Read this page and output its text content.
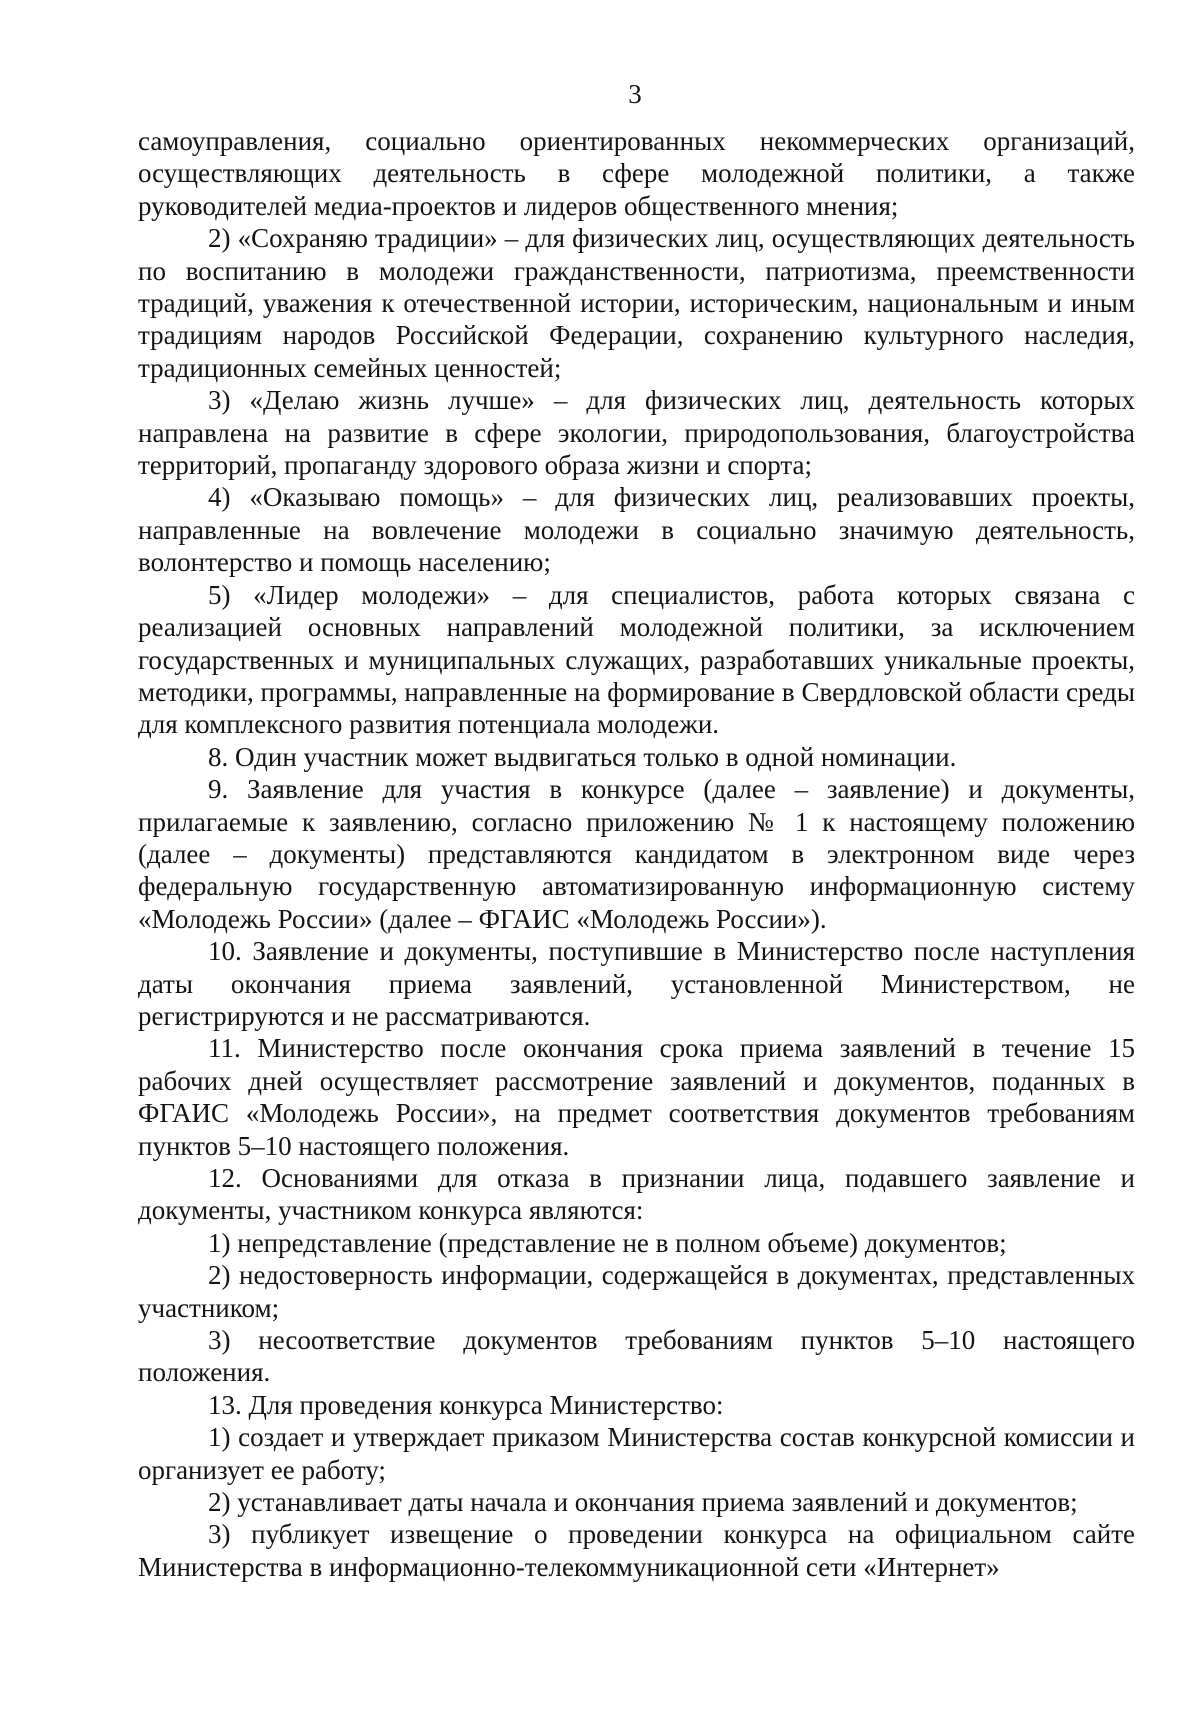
3

самоуправления, социально ориентированных некоммерческих организаций, осуществляющих деятельность в сфере молодежной политики, а также руководителей медиа-проектов и лидеров общественного мнения;

2) «Сохраняю традиции» – для физических лиц, осуществляющих деятельность по воспитанию в молодежи гражданственности, патриотизма, преемственности традиций, уважения к отечественной истории, историческим, национальным и иным традициям народов Российской Федерации, сохранению культурного наследия, традиционных семейных ценностей;

3) «Делаю жизнь лучше» – для физических лиц, деятельность которых направлена на развитие в сфере экологии, природопользования, благоустройства территорий, пропаганду здорового образа жизни и спорта;

4) «Оказываю помощь» – для физических лиц, реализовавших проекты, направленные на вовлечение молодежи в социально значимую деятельность, волонтерство и помощь населению;

5) «Лидер молодежи» – для специалистов, работа которых связана с реализацией основных направлений молодежной политики, за исключением государственных и муниципальных служащих, разработавших уникальные проекты, методики, программы, направленные на формирование в Свердловской области среды для комплексного развития потенциала молодежи.

8. Один участник может выдвигаться только в одной номинации.

9. Заявление для участия в конкурсе (далее – заявление) и документы, прилагаемые к заявлению, согласно приложению № 1 к настоящему положению (далее – документы) представляются кандидатом в электронном виде через федеральную государственную автоматизированную информационную систему «Молодежь России» (далее – ФГАИС «Молодежь России»).

10. Заявление и документы, поступившие в Министерство после наступления даты окончания приема заявлений, установленной Министерством, не регистрируются и не рассматриваются.

11. Министерство после окончания срока приема заявлений в течение 15 рабочих дней осуществляет рассмотрение заявлений и документов, поданных в ФГАИС «Молодежь России», на предмет соответствия документов требованиям пунктов 5–10 настоящего положения.

12. Основаниями для отказа в признании лица, подавшего заявление и документы, участником конкурса являются:

1) непредставление (представление не в полном объеме) документов;

2) недостоверность информации, содержащейся в документах, представленных участником;

3) несоответствие документов требованиям пунктов 5–10 настоящего положения.

13. Для проведения конкурса Министерство:

1) создает и утверждает приказом Министерства состав конкурсной комиссии и организует ее работу;

2) устанавливает даты начала и окончания приема заявлений и документов;

3) публикует извещение о проведении конкурса на официальном сайте Министерства в информационно-телекоммуникационной сети «Интернет»
